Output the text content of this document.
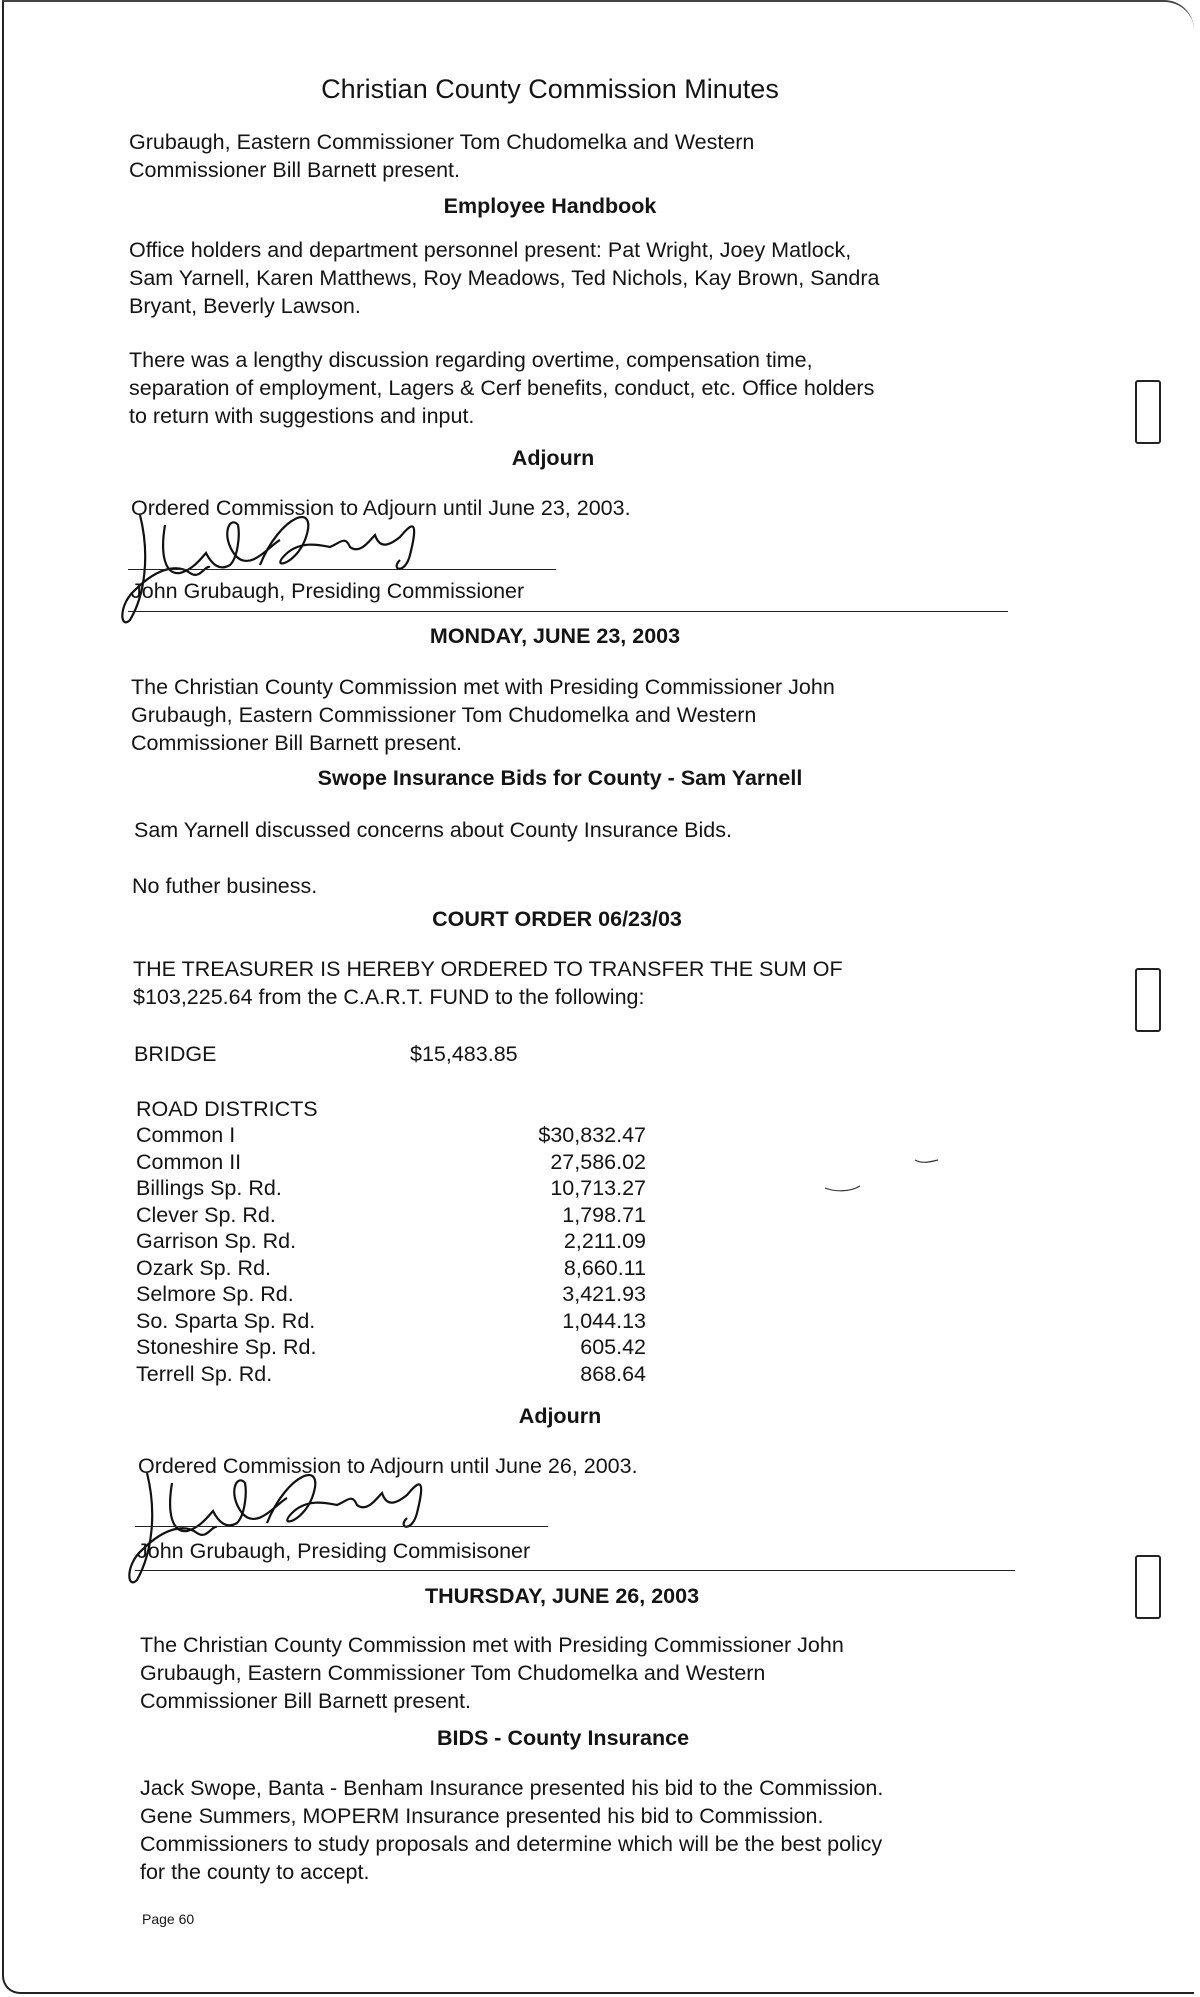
Christian County Commission Minutes
Grubaugh, Eastern Commissioner Tom Chudomelka and Western
Commissioner Bill Barnett present.
Employee Handbook
Office holders and department personnel present: Pat Wright, Joey Matlock,
Sam Yarnell, Karen Matthews, Roy Meadows, Ted Nichols, Kay Brown, Sandra
Bryant, Beverly Lawson.
There was a lengthy discussion regarding overtime, compensation time,
separation of employment, Lagers & Cerf benefits, conduct, etc. Office holders
to return with suggestions and input.
Adjourn
Ordered Commission to Adjourn until June 23, 2003.
John Grubaugh, Presiding Commissioner
MONDAY, JUNE 23, 2003
The Christian County Commission met with Presiding Commissioner John
Grubaugh, Eastern Commissioner Tom Chudomelka and Western
Commissioner Bill Barnett present.
Swope Insurance Bids for County - Sam Yarnell
Sam Yarnell discussed concerns about County Insurance Bids.
No futher business.
COURT ORDER 06/23/03
THE TREASURER IS HEREBY ORDERED TO TRANSFER THE SUM OF
$103,225.64 from the C.A.R.T. FUND to the following:
BRIDGE	$15,483.85
ROAD DISTRICTS
Common I
Common II
Billings Sp. Rd.
Clever Sp. Rd.
Garrison Sp. Rd.
Ozark Sp. Rd.
Selmore Sp. Rd.
So. Sparta Sp. Rd.
Stoneshire Sp. Rd.
Terrell Sp. Rd.
$30,832.47
27,586.02
10,713.27
1,798.71
2,211.09
8,660.11
3,421.93
1,044.13
605.42
868.64
Adjourn
Ordered Commission to Adjourn until June 26, 2003.
John Grubaugh, Presiding Commisisoner
THURSDAY, JUNE 26, 2003
The Christian County Commission met with Presiding Commissioner John
Grubaugh, Eastern Commissioner Tom Chudomelka and Western
Commissioner Bill Barnett present.
BIDS - County Insurance
Jack Swope, Banta - Benham Insurance presented his bid to the Commission.
Gene Summers, MOPERM Insurance presented his bid to Commission.
Commissioners to study proposals and determine which will be the best policy
for the county to accept.
Page 60
